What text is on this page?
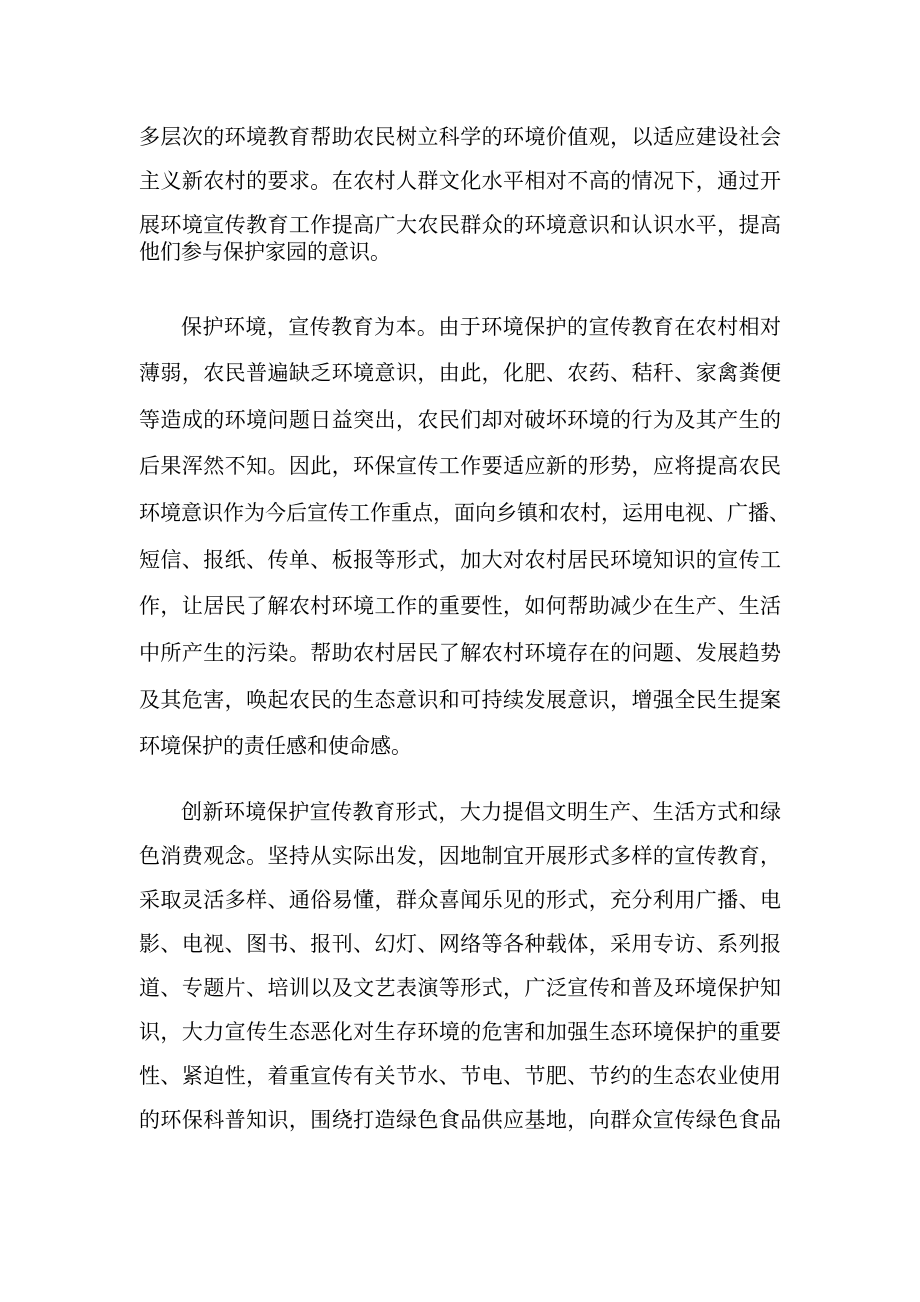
多层次的环境教育帮助农民树立科学的环境价值观，以适应建设社会
主义新农村的要求。在农村人群文化水平相对不高的情况下，通过开
展环境宣传教育工作提高广大农民群众的环境意识和认识水平，提高
他们参与保护家园的意识。
保护环境，宣传教育为本。由于环境保护的宣传教育在农村相对
薄弱，农民普遍缺乏环境意识，由此，化肥、农药、秸秆、家禽粪便
等造成的环境问题日益突出，农民们却对破坏环境的行为及其产生的
后果浑然不知。因此，环保宣传工作要适应新的形势，应将提高农民
环境意识作为今后宣传工作重点，面向乡镇和农村，运用电视、广播、
短信、报纸、传单、板报等形式，加大对农村居民环境知识的宣传工
作，让居民了解农村环境工作的重要性，如何帮助减少在生产、生活
中所产生的污染。帮助农村居民了解农村环境存在的问题、发展趋势
及其危害，唤起农民的生态意识和可持续发展意识，增强全民生提案
环境保护的责任感和使命感。
创新环境保护宣传教育形式，大力提倡文明生产、生活方式和绿
色消费观念。坚持从实际出发，因地制宜开展形式多样的宣传教育，
采取灵活多样、通俗易懂，群众喜闻乐见的形式，充分利用广播、电
影、电视、图书、报刊、幻灯、网络等各种载体，采用专访、系列报
道、专题片、培训以及文艺表演等形式，广泛宣传和普及环境保护知
识，大力宣传生态恶化对生存环境的危害和加强生态环境保护的重要
性、紧迫性，着重宣传有关节水、节电、节肥、节约的生态农业使用
的环保科普知识，围绕打造绿色食品供应基地，向群众宣传绿色食品
